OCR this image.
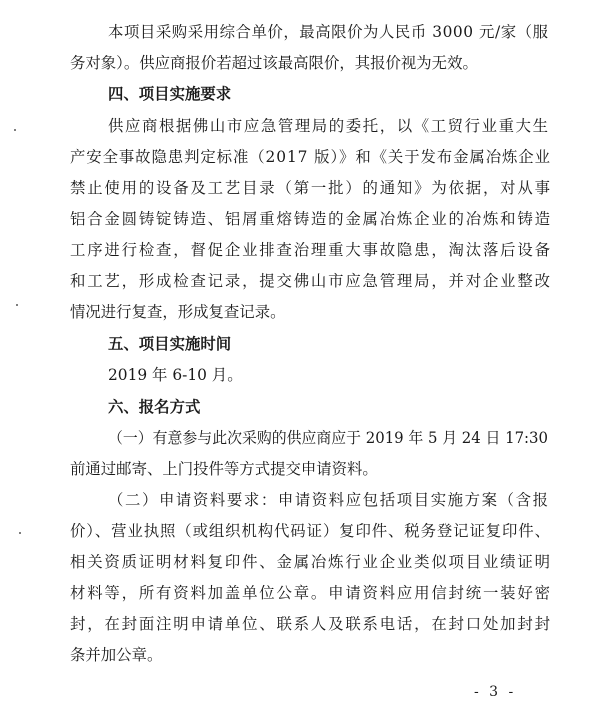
本项目采购采用综合单价，最高限价为人民币 3000 元/家（服
务对象）。供应商报价若超过该最高限价，其报价视为无效。
四、项目实施要求
供应商根据佛山市应急管理局的委托，以《工贸行业重大生
产安全事故隐患判定标准（2017 版）》和《关于发布金属冶炼企业
禁止使用的设备及工艺目录（第一批）的通知》为依据，对从事
铝合金圆铸锭铸造、铝屑重熔铸造的金属冶炼企业的冶炼和铸造
工序进行检查，督促企业排查治理重大事故隐患，淘汰落后设备
和工艺，形成检查记录，提交佛山市应急管理局，并对企业整改
情况进行复查，形成复查记录。
五、项目实施时间
2019 年 6-10 月。
六、报名方式
（一）有意参与此次采购的供应商应于 2019 年 5 月 24 日 17:30
前通过邮寄、上门投件等方式提交申请资料。
（二）申请资料要求：申请资料应包括项目实施方案（含报
价）、营业执照（或组织机构代码证）复印件、税务登记证复印件、
相关资质证明材料复印件、金属冶炼行业企业类似项目业绩证明
材料等，所有资料加盖单位公章。申请资料应用信封统一装好密
封，在封面注明申请单位、联系人及联系电话，在封口处加封封
条并加公章。
- 3 -
